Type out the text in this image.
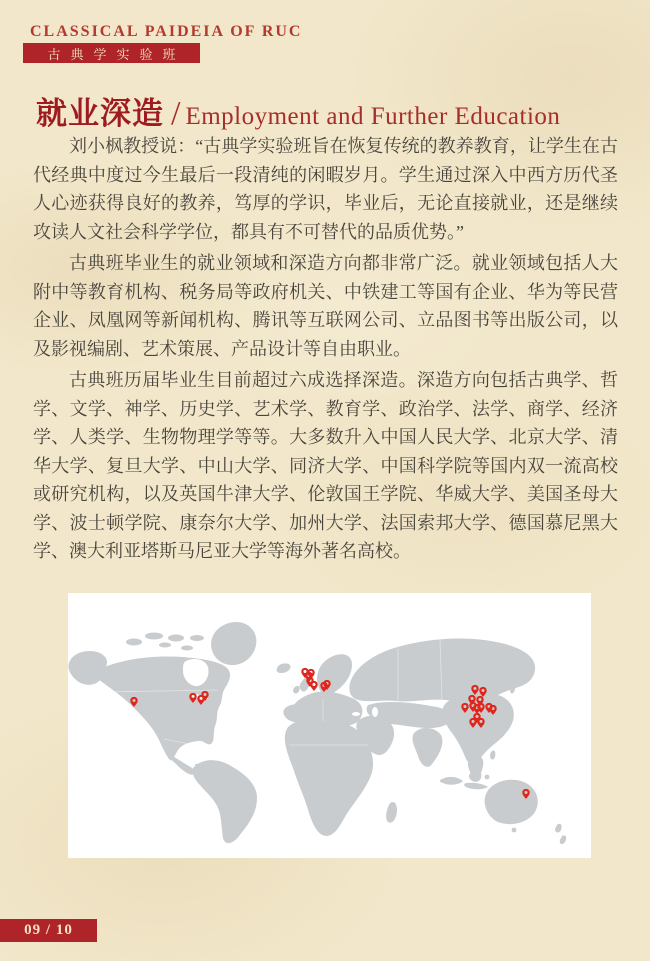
CLASSICAL PAIDEIA OF RUC
古典学实验班
就业深造 / Employment and Further Education

刘小枫教授说：“古典学实验班旨在恢复传统的教养教育，让学生在古代经典中度过今生最后一段清纯的闲暇岁月。学生通过深入中西方历代圣人心迹获得良好的教养，笃厚的学识，毕业后，无论直接就业，还是继续攻读人文社会科学学位，都具有不可替代的品质优势。”

古典班毕业生的就业领域和深造方向都非常广泛。就业领域包括人大附中等教育机构、税务局等政府机关、中铁建工等国有企业、华为等民营企业、凤凰网等新闻机构、腾讯等互联网公司、立品图书等出版公司，以及影视编剧、艺术策展、产品设计等自由职业。

古典班历届毕业生目前超过六成选择深造。深造方向包括古典学、哲学、文学、神学、历史学、艺术学、教育学、政治学、法学、商学、经济学、人类学、生物物理学等等。大多数升入中国人民大学、北京大学、清华大学、复旦大学、中山大学、同济大学、中国科学院等国内双一流高校或研究机构，以及英国牛津大学、伦敦国王学院、华威大学、美国圣母大学、波士顿学院、康奈尔大学、加州大学、法国索邦大学、德国慕尼黑大学、澳大利亚塔斯马尼亚大学等海外著名高校。

09 / 10
